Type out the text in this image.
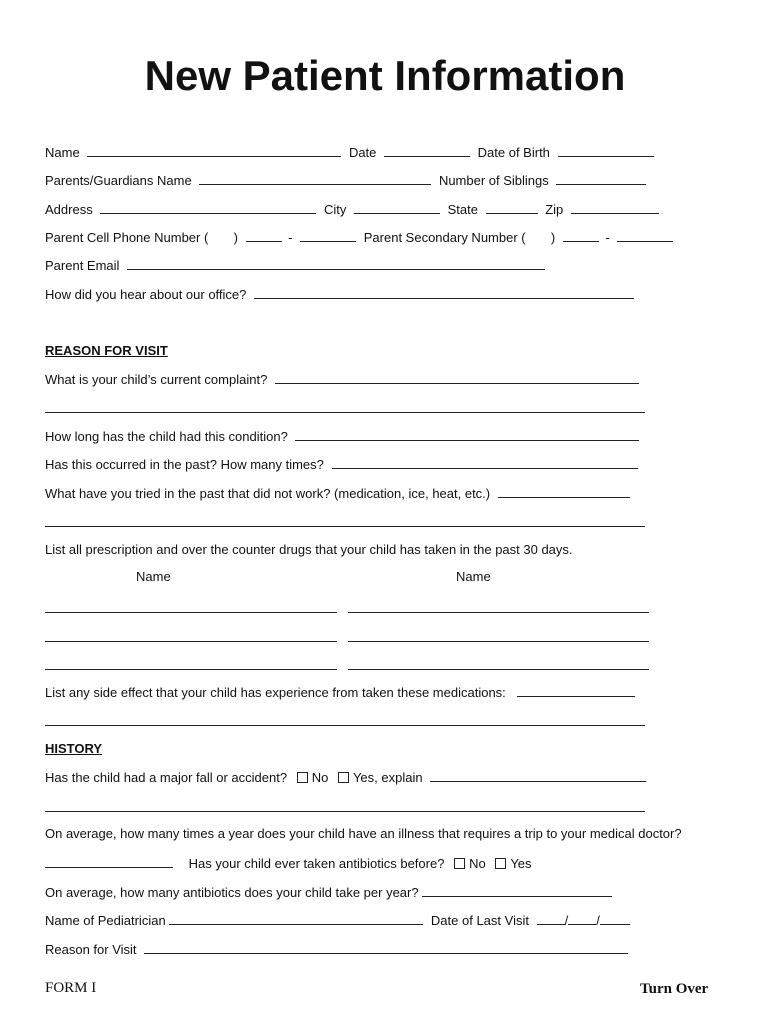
New Patient Information
Name	Date	Date of Birth
Parents/Guardians Name	Number of Siblings
Address	City	State	Zip
Parent Cell Phone Number ( )	-	Parent Secondary Number ( )	-
Parent Email
How did you hear about our office?
REASON FOR VISIT
What is your child’s current complaint?
How long has the child had this condition?
Has this occurred in the past? How many times?
What have you tried in the past that did not work? (medication, ice, heat, etc.)
List all prescription and over the counter drugs that your child has taken in the past 30 days.
Name	Name
List any side effect that your child has experience from taken these medications:
HISTORY
Has the child had a major fall or accident? No Yes, explain
On average, how many times a year does your child have an illness that requires a trip to your medical doctor?
Has your child ever taken antibiotics before? No Yes
On average, how many antibiotics does your child take per year?
Name of Pediatrician	Date of Last Visit	/ /
Reason for Visit
FORM I	Turn Over
